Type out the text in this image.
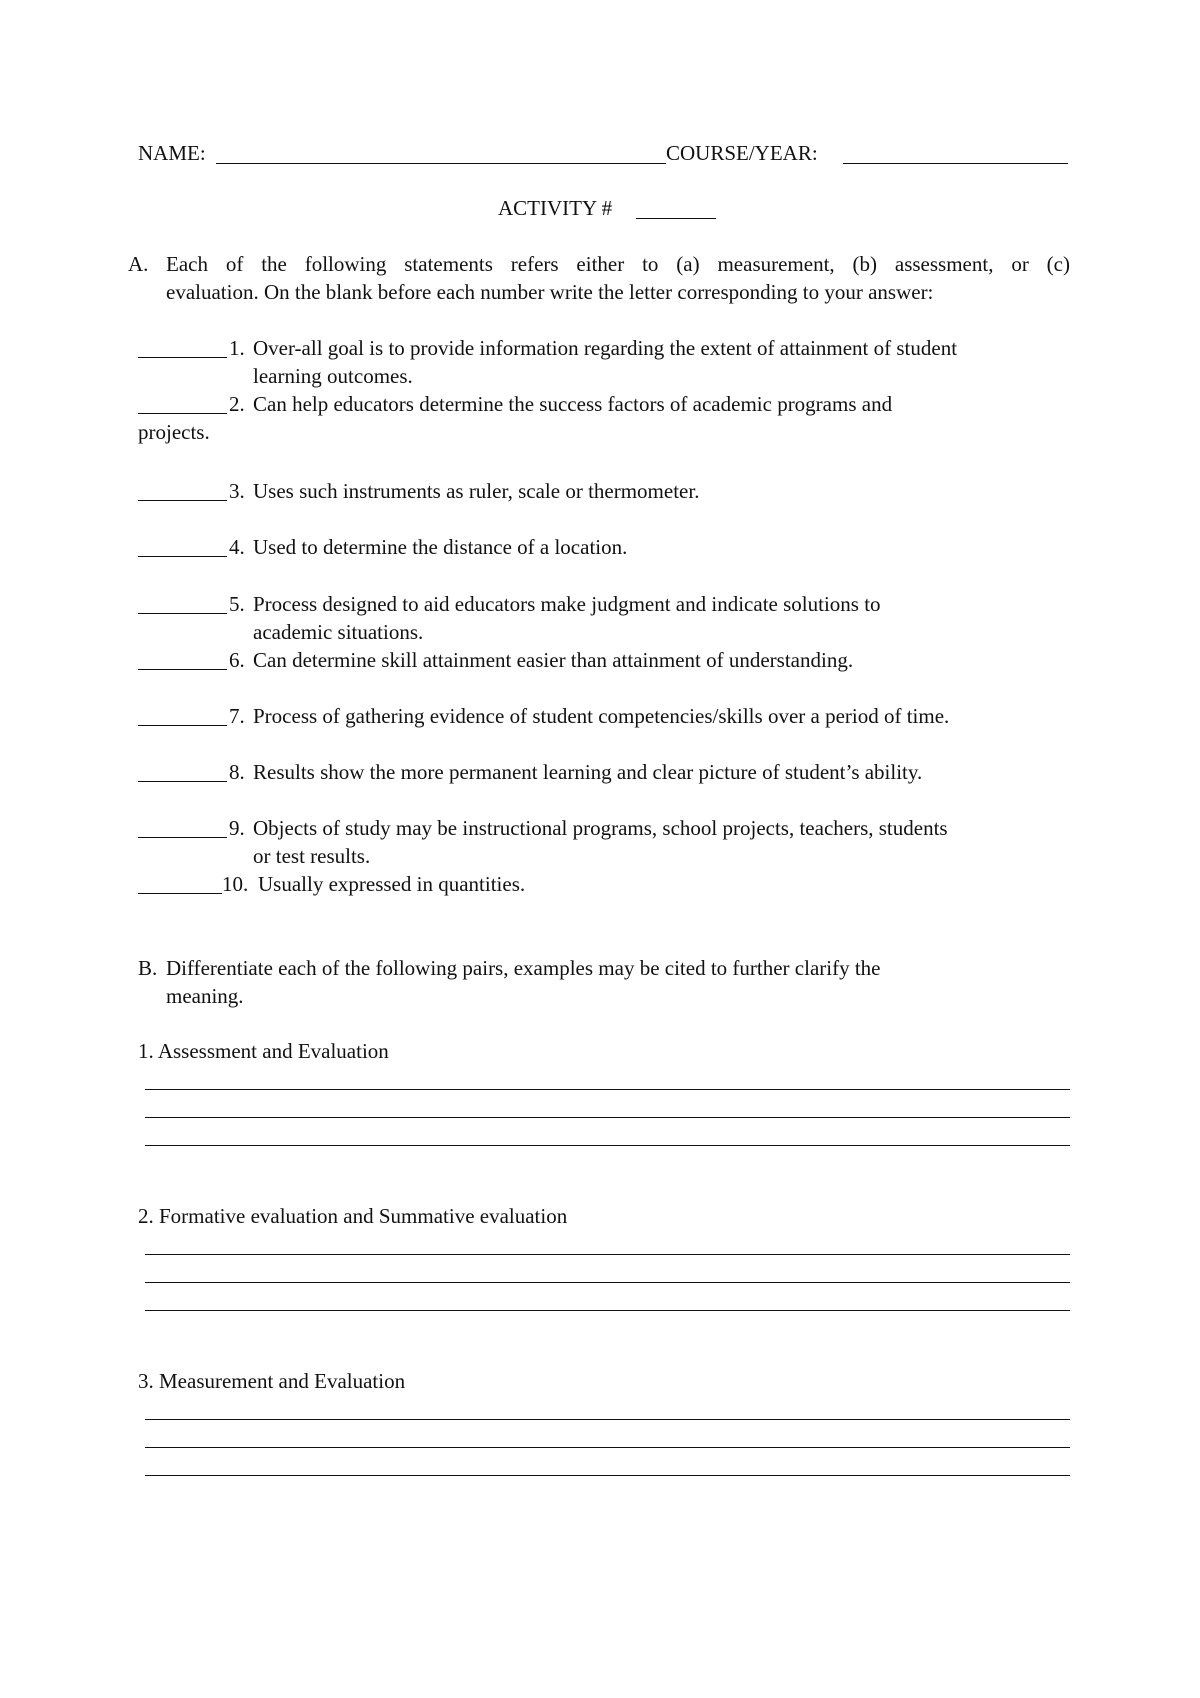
NAME:	COURSE/YEAR:
ACTIVITY #
A. Each of the following statements refers either to (a) measurement, (b) assessment, or (c)
evaluation. On the blank before each number write the letter corresponding to your answer:
1. Over-all goal is to provide information regarding the extent of attainment of student
learning outcomes.
2. Can help educators determine the success factors of academic programs and
projects.
3. Uses such instruments as ruler, scale or thermometer.
4. Used to determine the distance of a location.
5. Process designed to aid educators make judgment and indicate solutions to
academic situations.
6. Can determine skill attainment easier than attainment of understanding.
7. Process of gathering evidence of student competencies/skills over a period of time.
8. Results show the more permanent learning and clear picture of student’s ability.
9. Objects of study may be instructional programs, school projects, teachers, students
or test results.
10. Usually expressed in quantities.
B. Differentiate each of the following pairs, examples may be cited to further clarify the
meaning.
1. Assessment and Evaluation
2. Formative evaluation and Summative evaluation
3. Measurement and Evaluation
